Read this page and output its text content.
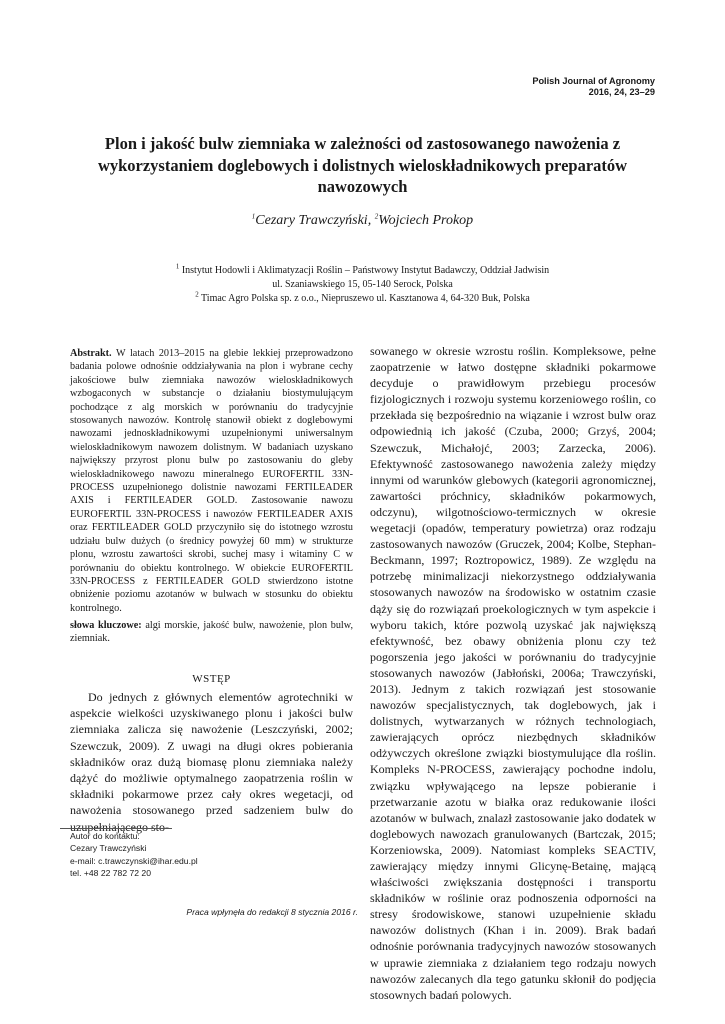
Polish Journal of Agronomy
2016, 24, 23–29
Plon i jakość bulw ziemniaka w zależności od zastosowanego nawożenia z wykorzystaniem doglebowych i dolistnych wieloskładnikowych preparatów nawozowych
$^1$Cezary Trawczyński, $^2$Wojciech Prokop
$^1$ Instytut Hodowli i Aklimatyzacji Roślin – Państwowy Instytut Badawczy, Oddział Jadwisin
ul. Szaniawskiego 15, 05-140 Serock, Polska
$^2$ Timac Agro Polska sp. z o.o., Niepruszewo ul. Kasztanowa 4, 64-320 Buk, Polska
Abstrakt. W latach 2013–2015 na glebie lekkiej przeprowadzono badania polowe odnośnie oddziaływania na plon i wybrane cechy jakościowe bulw ziemniaka nawozów wieloskładnikowych wzbogaconych w substancje o działaniu biostymulującym pochodzące z alg morskich w porównaniu do tradycyjnie stosowanych nawozów. Kontrolę stanowił obiekt z doglebowymi nawozami jednoskładnikowymi uzupełnionymi uniwersalnym wieloskładnikowym nawozem dolistnym. W badaniach uzyskano największy przyrost plonu bulw po zastosowaniu do gleby wieloskładnikowego nawozu mineralnego EUROFERTIL 33N-PROCESS uzupełnionego dolistnie nawozami FERTILEADER AXIS i FERTILEADER GOLD. Zastosowanie nawozu EUROFERTIL 33N-PROCESS i nawozów FERTILEADER AXIS oraz FERTILEADER GOLD przyczyniło się do istotnego wzrostu udziału bulw dużych (o średnicy powyżej 60 mm) w strukturze plonu, wzrostu zawartości skrobi, suchej masy i witaminy C w porównaniu do obiektu kontrolnego. W obiekcie EUROFERTIL 33N-PROCESS z FERTILEADER GOLD stwierdzono istotne obniżenie poziomu azotanów w bulwach w stosunku do obiektu kontrolnego.
słowa kluczowe: algi morskie, jakość bulw, nawożenie, plon bulw, ziemniak.
WSTĘP
Do jednych z głównych elementów agrotechniki w aspekcie wielkości uzyskiwanego plonu i jakości bulw ziemniaka zalicza się nawożenie (Leszczyński, 2002; Szewczuk, 2009). Z uwagi na długi okres pobierania składników oraz dużą biomasę plonu ziemniaka należy dążyć do możliwie optymalnego zaopatrzenia roślin w składniki pokarmowe przez cały okres wegetacji, od nawożenia stosowanego przed sadzeniem bulw do uzupełniającego sto-
sowanego w okresie wzrostu roślin. Kompleksowe, pełne zaopatrzenie w łatwo dostępne składniki pokarmowe decyduje o prawidłowym przebiegu procesów fizjologicznych i rozwoju systemu korzeniowego roślin, co przekłada się bezpośrednio na wiązanie i wzrost bulw oraz odpowiednią ich jakość (Czuba, 2000; Grzyś, 2004; Szewczuk, Michałojć, 2003; Zarzecka, 2006). Efektywność zastosowanego nawożenia zależy między innymi od warunków glebowych (kategorii agronomicznej, zawartości próchnicy, składników pokarmowych, odczynu), wilgotnościowo-termicznych w okresie wegetacji (opadów, temperatury powietrza) oraz rodzaju zastosowanych nawozów (Gruczek, 2004; Kolbe, Stephan-Beckmann, 1997; Roztropowicz, 1989). Ze względu na potrzebę minimalizacji niekorzystnego oddziaływania stosowanych nawozów na środowisko w ostatnim czasie dąży się do rozwiązań proekologicznych w tym aspekcie i wyboru takich, które pozwolą uzyskać jak największą efektywność, bez obawy obniżenia plonu czy też pogorszenia jego jakości w porównaniu do tradycyjnie stosowanych nawozów (Jabłoński, 2006a; Trawczyński, 2013). Jednym z takich rozwiązań jest stosowanie nawozów specjalistycznych, tak doglebowych, jak i dolistnych, wytwarzanych w różnych technologiach, zawierających oprócz niezbędnych składników odżywczych określone związki biostymulujące dla roślin. Kompleks N-PROCESS, zawierający pochodne indolu, związku wpływającego na lepsze pobieranie i przetwarzanie azotu w białka oraz redukowanie ilości azotanów w bulwach, znalazł zastosowanie jako dodatek w doglebowych nawozach granulowanych (Bartczak, 2015; Korzeniowska, 2009). Natomiast kompleks SEACTIV, zawierający między innymi Glicynę-Betainę, mającą właściwości zwiększania dostępności i transportu składników w roślinie oraz podnoszenia odporności na stresy środowiskowe, stanowi uzupełnienie składu nawozów dolistnych (Khan i in. 2009). Brak badań odnośnie porównania tradycyjnych nawozów stosowanych w uprawie ziemniaka z działaniem tego rodzaju nowych nawozów zalecanych dla tego gatunku skłonił do podjęcia stosownych badań polowych.
Autor do kontaktu:
Cezary Trawczyński
e-mail: c.trawczynski@ihar.edu.pl
tel. +48 22 782 72 20
Praca wpłynęła do redakcji 8 stycznia 2016 r.
